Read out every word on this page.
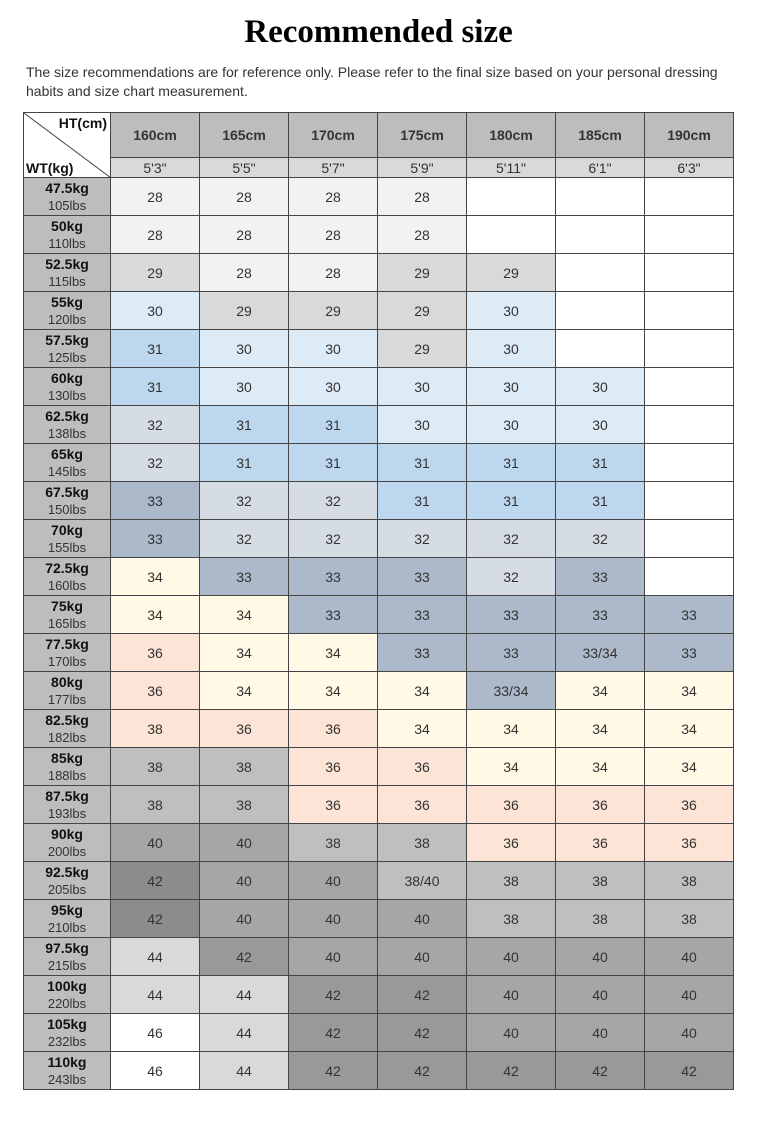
Recommended size
The size recommendations are for reference only. Please refer to the final size based on your personal dressing habits and size chart measurement.
HT(cm)
WT(kg)	160cm	165cm	170cm	175cm	180cm	185cm	190cm
	5'3"	5'5"	5'7"	5'9"	5'11"	6'1"	6'3"

47.5kg
105lbs	28	28	28	28			

50kg
110lbs	28	28	28	28			

52.5kg
115lbs	29	28	28	29	29		

55kg
120lbs	30	29	29	29	30		

57.5kg
125lbs	31	30	30	29	30		

60kg
130lbs	31	30	30	30	30	30	

62.5kg
138lbs	32	31	31	30	30	30	

65kg
145lbs	32	31	31	31	31	31	

67.5kg
150lbs	33	32	32	31	31	31	

70kg
155lbs	33	32	32	32	32	32	

72.5kg
160lbs	34	33	33	33	32	33	

75kg
165lbs	34	34	33	33	33	33	33

77.5kg
170lbs	36	34	34	33	33	33/34	33

80kg
177lbs	36	34	34	34	33/34	34	34

82.5kg
182lbs	38	36	36	34	34	34	34

85kg
188lbs	38	38	36	36	34	34	34

87.5kg
193lbs	38	38	36	36	36	36	36

90kg
200lbs	40	40	38	38	36	36	36

92.5kg
205lbs	42	40	40	38/40	38	38	38

95kg
210lbs	42	40	40	40	38	38	38

97.5kg
215lbs	44	42	40	40	40	40	40

100kg
220lbs	44	44	42	42	40	40	40

105kg
232lbs	46	44	42	42	40	40	40

110kg
243lbs	46	44	42	42	42	42	42
